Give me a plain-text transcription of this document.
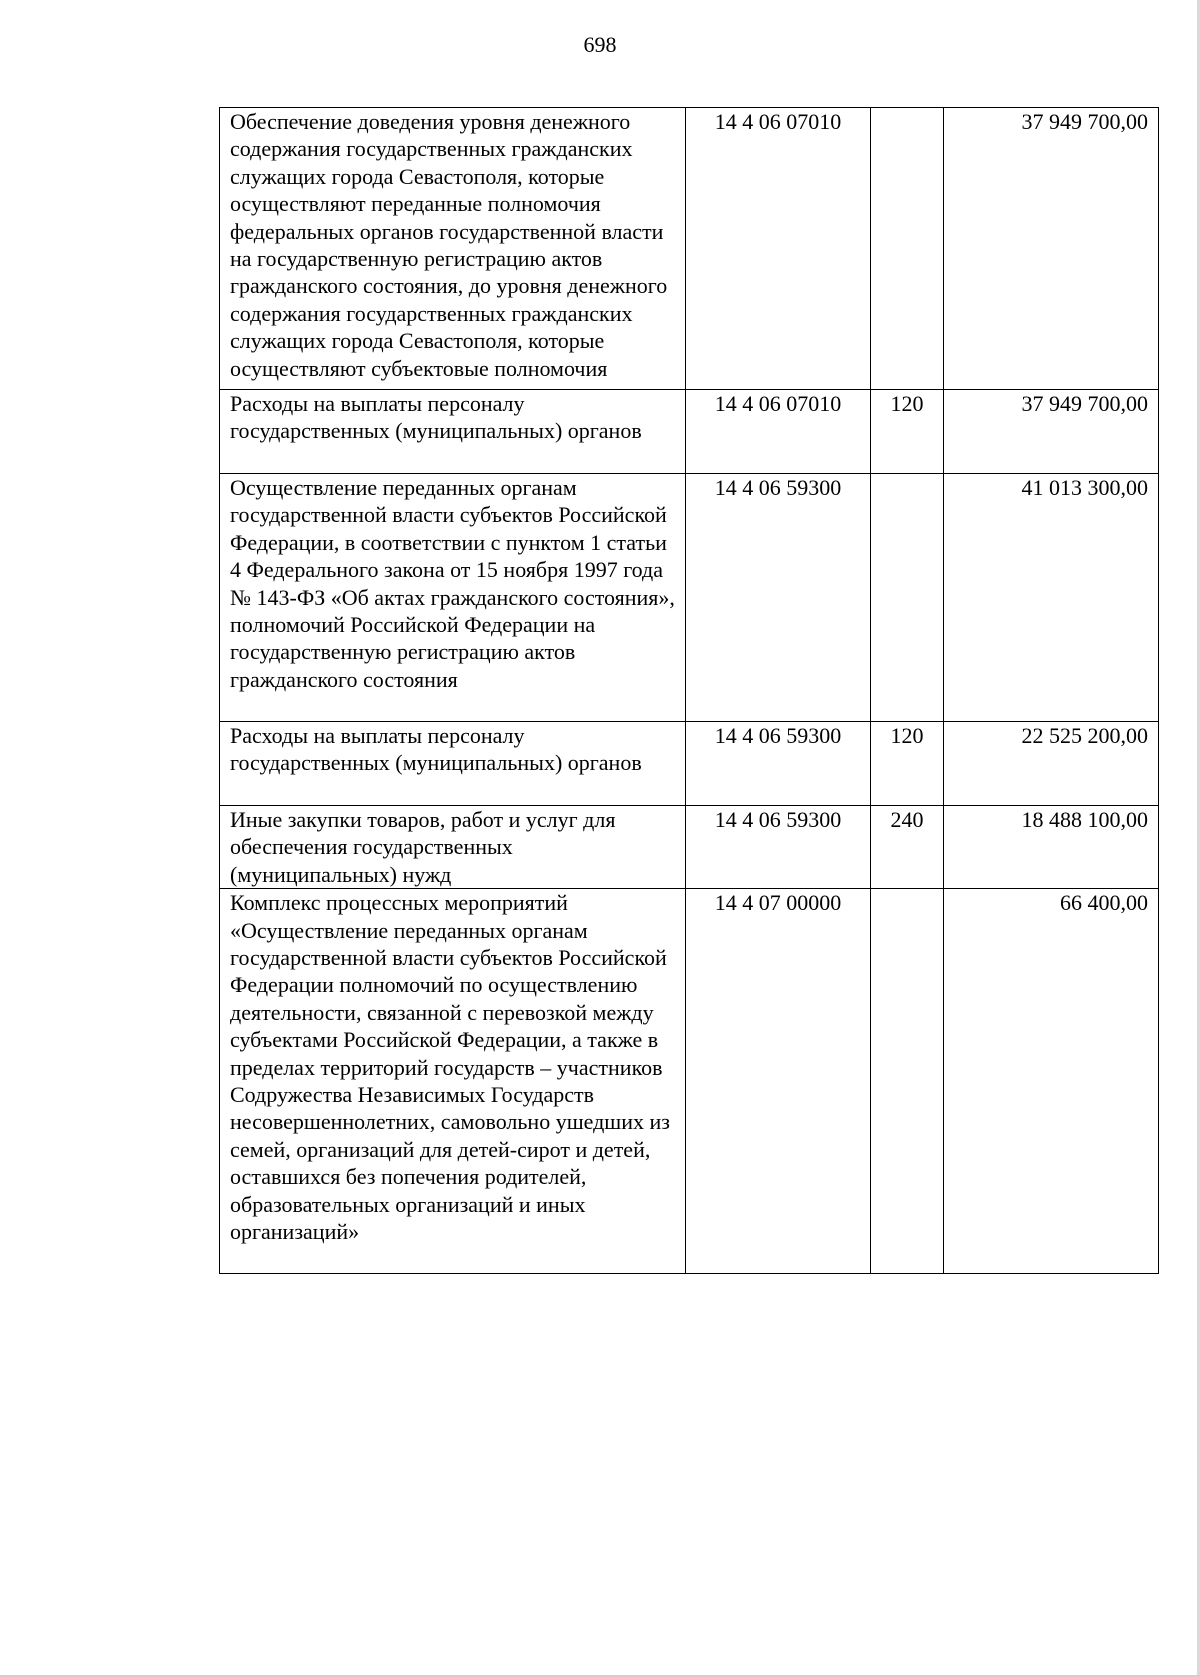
698
Обеспечение доведения уровня денежного содержания государственных гражданских служащих города Севастополя, которые осуществляют переданные полномочия федеральных органов государственной власти на государственную регистрацию актов гражданского состояния, до уровня денежного содержания государственных гражданских служащих города Севастополя, которые осуществляют субъектовые полномочия	14 4 06 07010		37 949 700,00
Расходы на выплаты персоналу государственных (муниципальных) органов	14 4 06 07010	120	37 949 700,00
Осуществление переданных органам государственной власти субъектов Российской Федерации, в соответствии с пунктом 1 статьи 4 Федерального закона от 15 ноября 1997 года № 143-ФЗ «Об актах гражданского состояния», полномочий Российской Федерации на государственную регистрацию актов гражданского состояния	14 4 06 59300		41 013 300,00
Расходы на выплаты персоналу государственных (муниципальных) органов	14 4 06 59300	120	22 525 200,00
Иные закупки товаров, работ и услуг для обеспечения государственных (муниципальных) нужд	14 4 06 59300	240	18 488 100,00
Комплекс процессных мероприятий «Осуществление переданных органам государственной власти субъектов Российской Федерации полномочий по осуществлению деятельности, связанной с перевозкой между субъектами Российской Федерации, а также в пределах территорий государств – участников Содружества Независимых Государств несовершеннолетних, самовольно ушедших из семей, организаций для детей-сирот и детей, оставшихся без попечения родителей, образовательных организаций и иных организаций»	14 4 07 00000		66 400,00
